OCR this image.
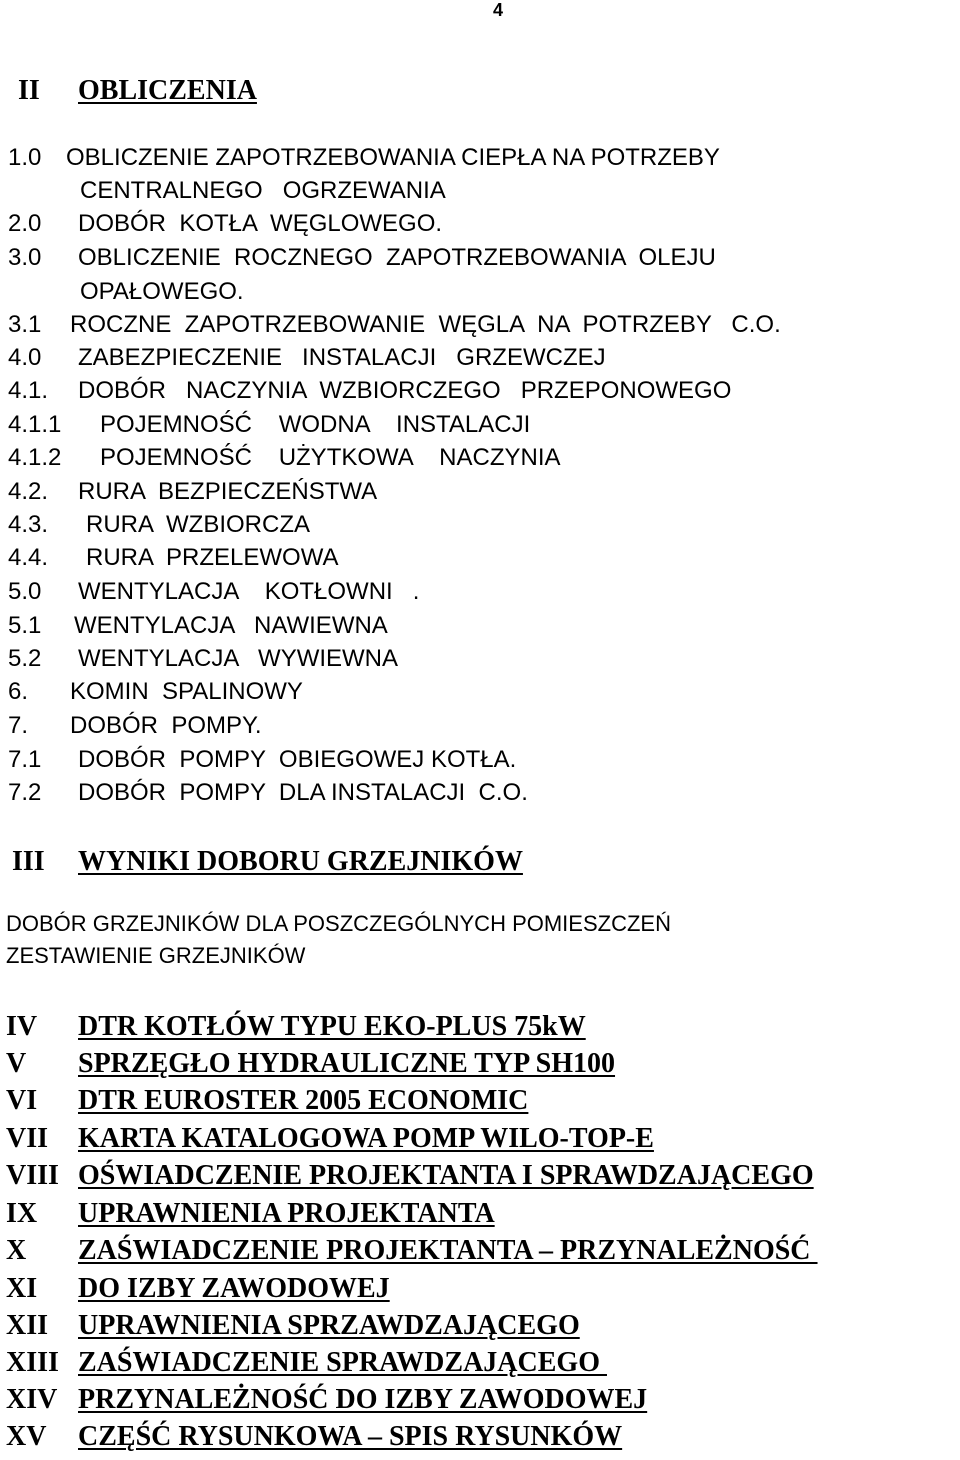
4
II OBLICZENIA
1.0 OBLICZENIE ZAPOTRZEBOWANIA CIEPŁA NA POTRZEBY
CENTRALNEGO   OGRZEWANIA
2.0 DOBÓR  KOTŁA  WĘGLOWEGO.
3.0 OBLICZENIE  ROCZNEGO  ZAPOTRZEBOWANIA  OLEJU
OPAŁOWEGO.
3.1 ROCZNE  ZAPOTRZEBOWANIE  WĘGLA  NA  POTRZEBY   C.O.
4.0 ZABEZPIECZENIE   INSTALACJI   GRZEWCZEJ
4.1. DOBÓR   NACZYNIA  WZBIORCZEGO   PRZEPONOWEGO
4.1.1 POJEMNOŚĆ    WODNA    INSTALACJI
4.1.2 POJEMNOŚĆ    UŻYTKOWA    NACZYNIA
4.2. RURA  BEZPIECZEŃSTWA
4.3. RURA  WZBIORCZA
4.4. RURA  PRZELEWOWA
5.0 WENTYLACJA    KOTŁOWNI   .
5.1 WENTYLACJA   NAWIEWNA
5.2 WENTYLACJA   WYWIEWNA
6. KOMIN  SPALINOWY
7. DOBÓR  POMPY.
7.1 DOBÓR  POMPY  OBIEGOWEJ KOTŁA.
7.2 DOBÓR  POMPY  DLA INSTALACJI  C.O.
III WYNIKI DOBORU GRZEJNIKÓW
DOBÓR GRZEJNIKÓW DLA POSZCZEGÓLNYCH POMIESZCZEŃ
ZESTAWIENIE GRZEJNIKÓW
IV DTR KOTŁÓW TYPU EKO-PLUS 75kW
V SPRZĘGŁO HYDRAULICZNE TYP SH100
VI DTR EUROSTER 2005 ECONOMIC
VII KARTA KATALOGOWA POMP WILO-TOP-E
VIII OŚWIADCZENIE PROJEKTANTA I SPRAWDZAJĄCEGO
IX UPRAWNIENIA PROJEKTANTA
X ZAŚWIADCZENIE PROJEKTANTA – PRZYNALEŻNOŚĆ
XI DO IZBY ZAWODOWEJ
XII UPRAWNIENIA SPRZAWDZAJĄCEGO
XIII ZAŚWIADCZENIE SPRAWDZAJĄCEGO
XIV PRZYNALEŻNOŚĆ DO IZBY ZAWODOWEJ
XV CZĘŚĆ RYSUNKOWA – SPIS RYSUNKÓW
